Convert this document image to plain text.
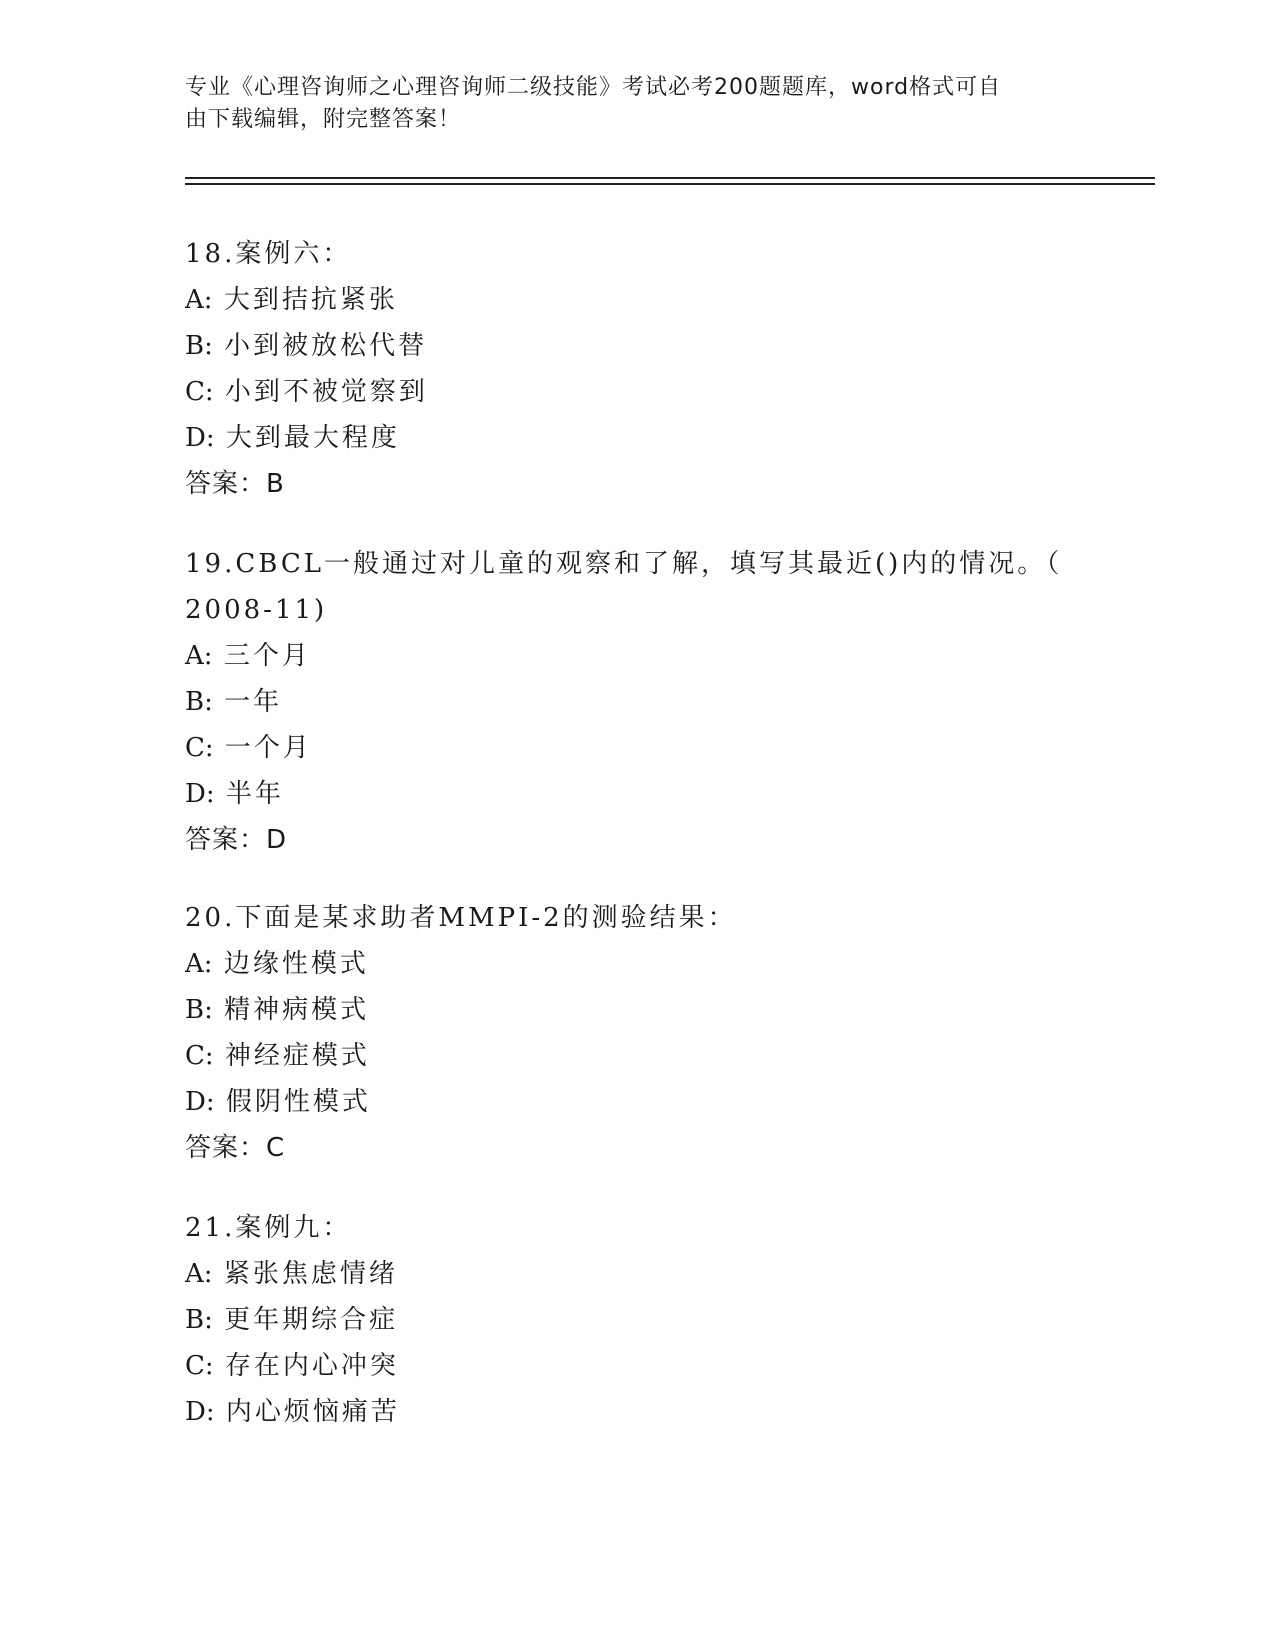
专业《心理咨询师之心理咨询师二级技能》考试必考200题题库，word格式可自
由下载编辑，附完整答案！
18.案例六：
A: 大到拮抗紧张
B: 小到被放松代替
C: 小到不被觉察到
D: 大到最大程度
答案：B
19.CBCL一般通过对儿童的观察和了解，填写其最近()内的情况。（
2008-11)
A: 三个月
B: 一年
C: 一个月
D: 半年
答案：D
20.下面是某求助者MMPI-2的测验结果：
A: 边缘性模式
B: 精神病模式
C: 神经症模式
D: 假阴性模式
答案：C
21.案例九：
A: 紧张焦虑情绪
B: 更年期综合症
C: 存在内心冲突
D: 内心烦恼痛苦
